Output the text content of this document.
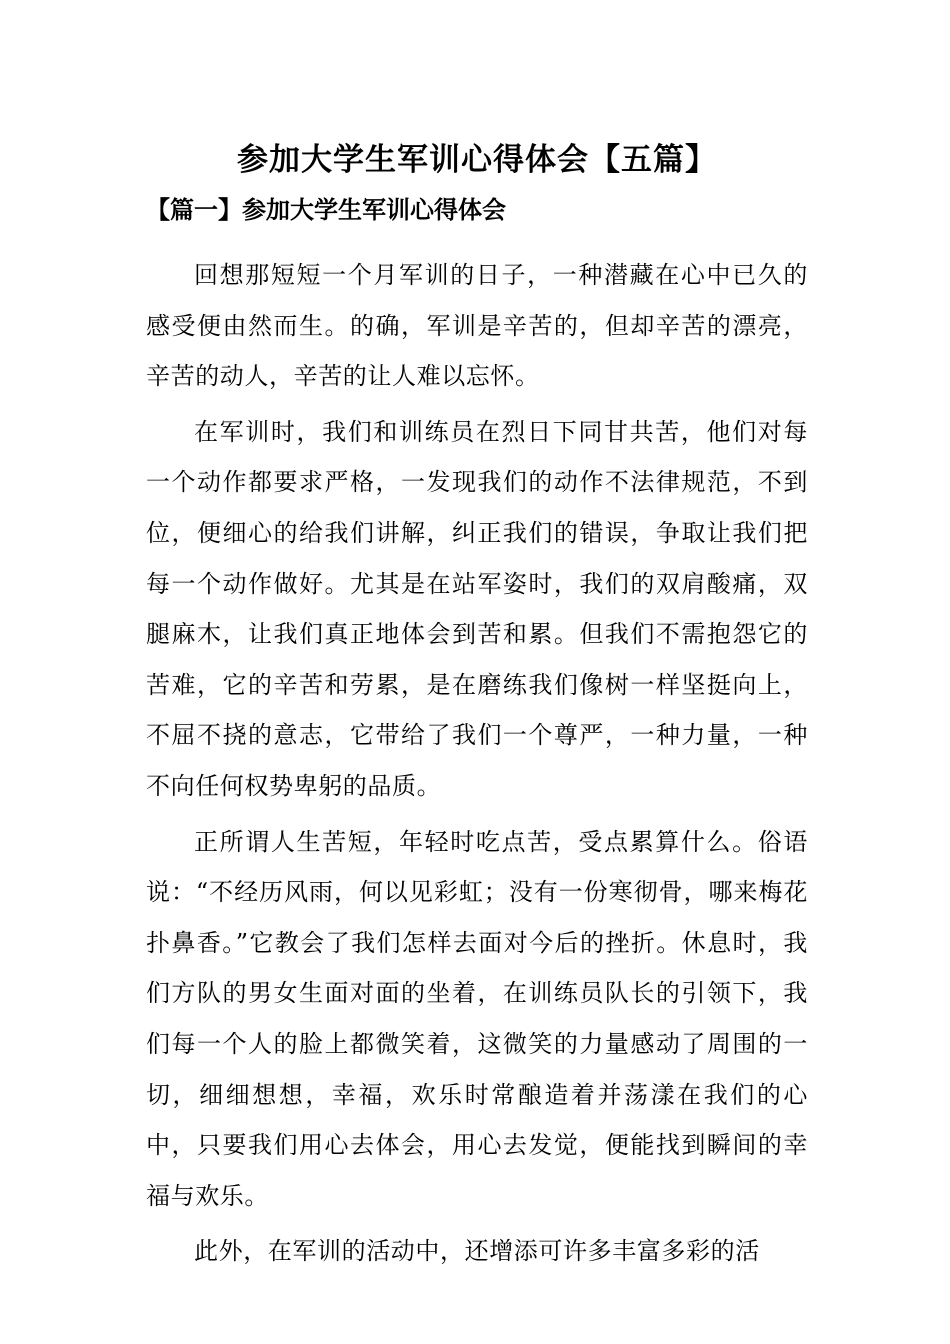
参加大学生军训心得体会【五篇】
【篇一】参加大学生军训心得体会

回想那短短一个月军训的日子，一种潜藏在心中已久的感受便由然而生。的确，军训是辛苦的，但却辛苦的漂亮，辛苦的动人，辛苦的让人难以忘怀。

在军训时，我们和训练员在烈日下同甘共苦，他们对每一个动作都要求严格，一发现我们的动作不法律规范，不到位，便细心的给我们讲解，纠正我们的错误，争取让我们把每一个动作做好。尤其是在站军姿时，我们的双肩酸痛，双腿麻木，让我们真正地体会到苦和累。但我们不需抱怨它的苦难，它的辛苦和劳累，是在磨练我们像树一样坚挺向上，不屈不挠的意志，它带给了我们一个尊严，一种力量，一种不向任何权势卑躬的品质。

正所谓人生苦短，年轻时吃点苦，受点累算什么。俗语说：“不经历风雨，何以见彩虹；没有一份寒彻骨，哪来梅花扑鼻香。”它教会了我们怎样去面对今后的挫折。休息时，我们方队的男女生面对面的坐着，在训练员队长的引领下，我们每一个人的脸上都微笑着，这微笑的力量感动了周围的一切，细细想想，幸福，欢乐时常酿造着并荡漾在我们的心中，只要我们用心去体会，用心去发觉，便能找到瞬间的幸福与欢乐。

此外，在军训的活动中，还增添可许多丰富多彩的活
